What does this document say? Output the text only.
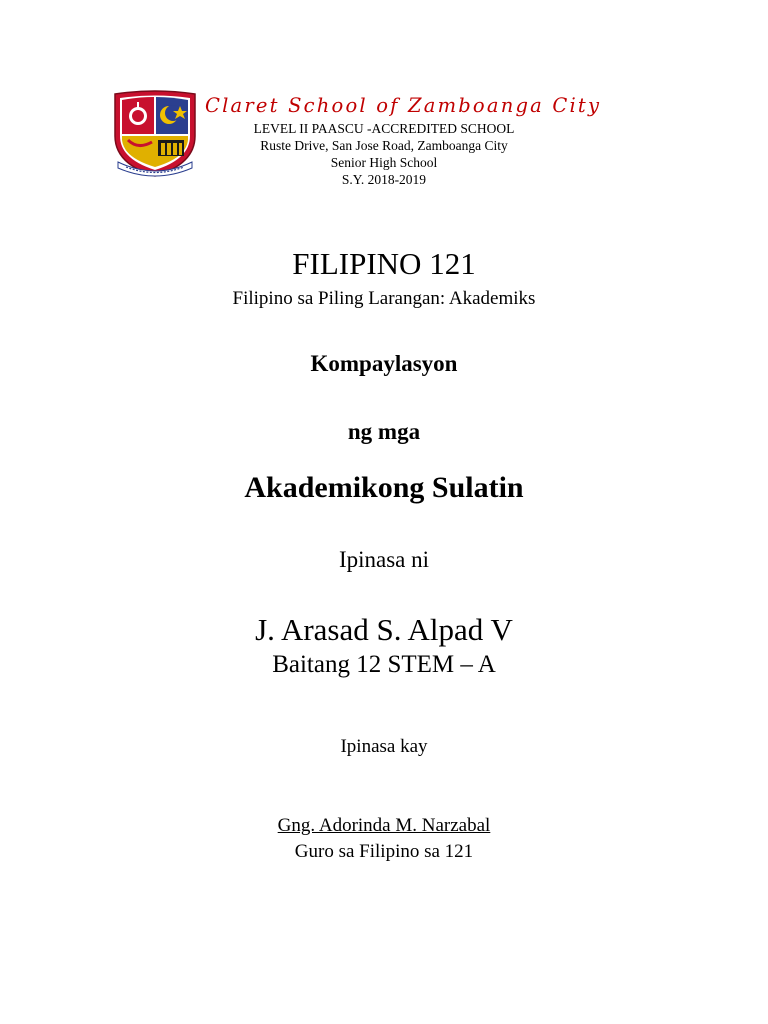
Claret School of Zamboanga City
LEVEL II PAASCU -ACCREDITED SCHOOL
Ruste Drive, San Jose Road, Zamboanga City
Senior High School
S.Y. 2018-2019
FILIPINO 121
Filipino sa Piling Larangan: Akademiks
Kompaylasyon
ng mga
Akademikong Sulatin
Ipinasa ni
J. Arasad S. Alpad V
Baitang 12 STEM – A
Ipinasa kay
Gng. Adorinda M. Narzabal
Guro sa Filipino sa 121
